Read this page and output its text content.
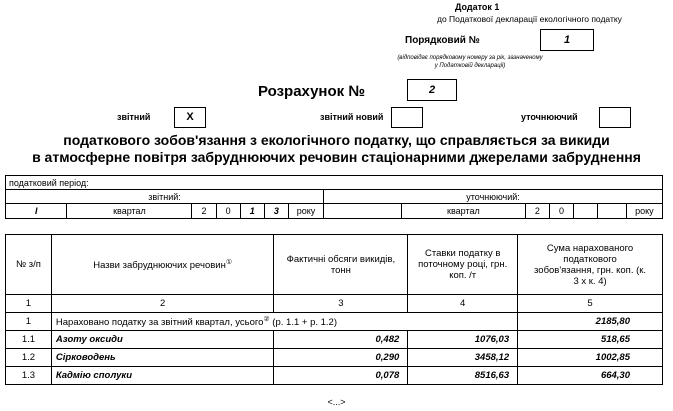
Додаток 1
до Податкової декларації екологічного податку
Порядковий №	1
(відповідає порядковому номеру за рік, зазначеному
у Податковій декларації)
Розрахунок №	2
звітний	X	звітний новий	уточнюючий
податкового зобов'язання з екологічного податку, що справляється за викиди
в атмосферне повітря забруднюючих речовин стаціонарними джерелами забруднення
податковий період:													
звітний:							уточнюючий:						
I	квартал	2	0	1	3	року		квартал	2	0			року
№ з/п	Назви забруднюючих речовин①	Фактичні обсяги викидів, тонн	Ставки податку в поточному році, грн. коп. /т	Сума нарахованого податкового зобов'язання, грн. коп. (к. 3 х к. 4)
1	2	3	4	5
1	Нараховано податку за звітний квартал, усього② (р. 1.1 + р. 1.2)			2185,80
1.1	Азоту оксиди	0,482	1076,03	518,65
1.2	Сірководень	0,290	3458,12	1002,85
1.3	Кадмію сполуки	0,078	8516,63	664,30
<...>
